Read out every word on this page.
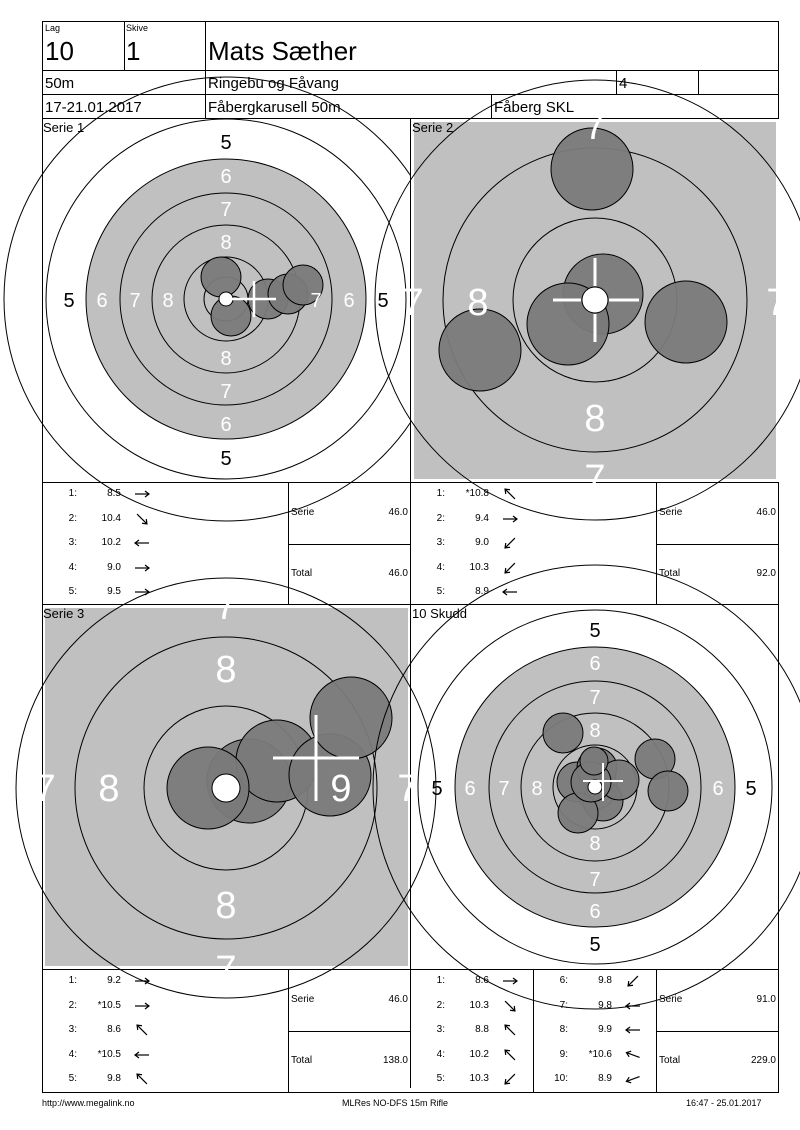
Lag
10
Skive
1	Mats Sæther
50m	Ringebu og Fåvang	4
17-21.01.2017	Fåbergkarusell 50m	Fåberg SKL
5
6
7
8
8
7
6
5
5 6 7 8	7 6 5
Serie 1	7
8
8
7
7	7
Serie 2
7
8
8	9
8
7
7	7
Serie 3
5
6
7
8
8
7
6
5
5 6 7 8	6 5
10 Skudd
1:	8.5
2:	10.4
3:	10.2
4:	9.0
5:	9.5
1:	*10.8
2:	9.4
3:	9.0
4:	10.3
5:	8.9
1:	9.2
2:	*10.5
3:	8.6
4:	*10.5
5:	9.8
1:	8.6
2:	10.3
3:	8.8
4:	10.2
5:	10.3
6:	9.8
7:	9.8
8:	9.9
9:	*10.6
10:	8.9
Serie	46.0
Total	46.0
Serie	46.0
Total	92.0
Serie	46.0
Total	138.0
Serie	91.0
Total	229.0
http://www.megalink.no	MLRes NO-DFS 15m Rifle	16:47 - 25.01.2017
